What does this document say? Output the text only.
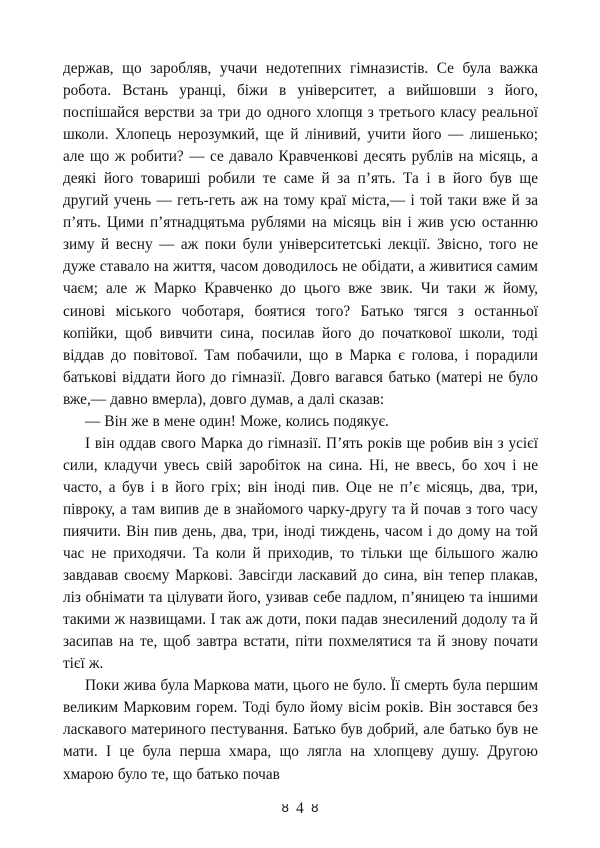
держав, що заробляв, учачи недотепних гімназистів. Се була важка робота. Встань уранці, біжи в університет, а вийшовши з його, поспішайся верстви за три до одного хлопця з третього класу реальної школи. Хлопець нерозумкий, ще й лінивий, учити його — лишенько; але що ж робити? — се давало Кравченкові десять рублів на місяць, а деякі його товариші робили те саме й за п’ять. Та і в його був ще другий учень — геть-геть аж на тому краї міста,— і той таки вже й за п’ять. Цими п’ятнадцятьма рублями на місяць він і жив усю останню зиму й весну — аж поки були університетські лекції. Звісно, того не дуже ставало на життя, часом доводилось не обідати, а живитися самим чаєм; але ж Марко Кравченко до цього вже звик. Чи таки ж йому, синові міського чоботаря, боятися того? Батько тягся з останньої копійки, щоб вивчити сина, посилав його до початкової школи, тоді віддав до повітової. Там побачили, що в Марка є голова, і порадили батькові віддати його до гімназії. Довго вагався батько (матері не було вже,— давно вмерла), довго думав, а далі сказав:

— Він же в мене один! Може, колись подякує.

І він оддав свого Марка до гімназії. П’ять років ще робив він з усієї сили, кладучи увесь свій заробіток на сина. Ні, не ввесь, бо хоч і не часто, а був і в його гріх; він іноді пив. Оце не п’є місяць, два, три, півроку, а там випив де в знайомого чарку-другу та й почав з того часу пиячити. Він пив день, два, три, іноді тиждень, часом і до дому на той час не приходячи. Та коли й приходив, то тільки ще більшого жалю завдавав своєму Маркові. Завсігди ласкавий до сина, він тепер плакав, ліз обнімати та цілувати його, узивав себе падлом, п’яницею та іншими такими ж назвищами. І так аж доти, поки падав знесилений додолу та й засипав на те, щоб завтра встати, піти похмелятися та й знову почати тієї ж.

Поки жива була Маркова мати, цього не було. Її смерть була першим великим Марковим горем. Тоді було йому вісім років. Він зостався без ласкавого материного пестування. Батько був добрий, але батько був не мати. І це була перша хмара, що лягла на хлопцеву душу. Другою хмарою було те, що батько почав

ȣ 4 ȣ
